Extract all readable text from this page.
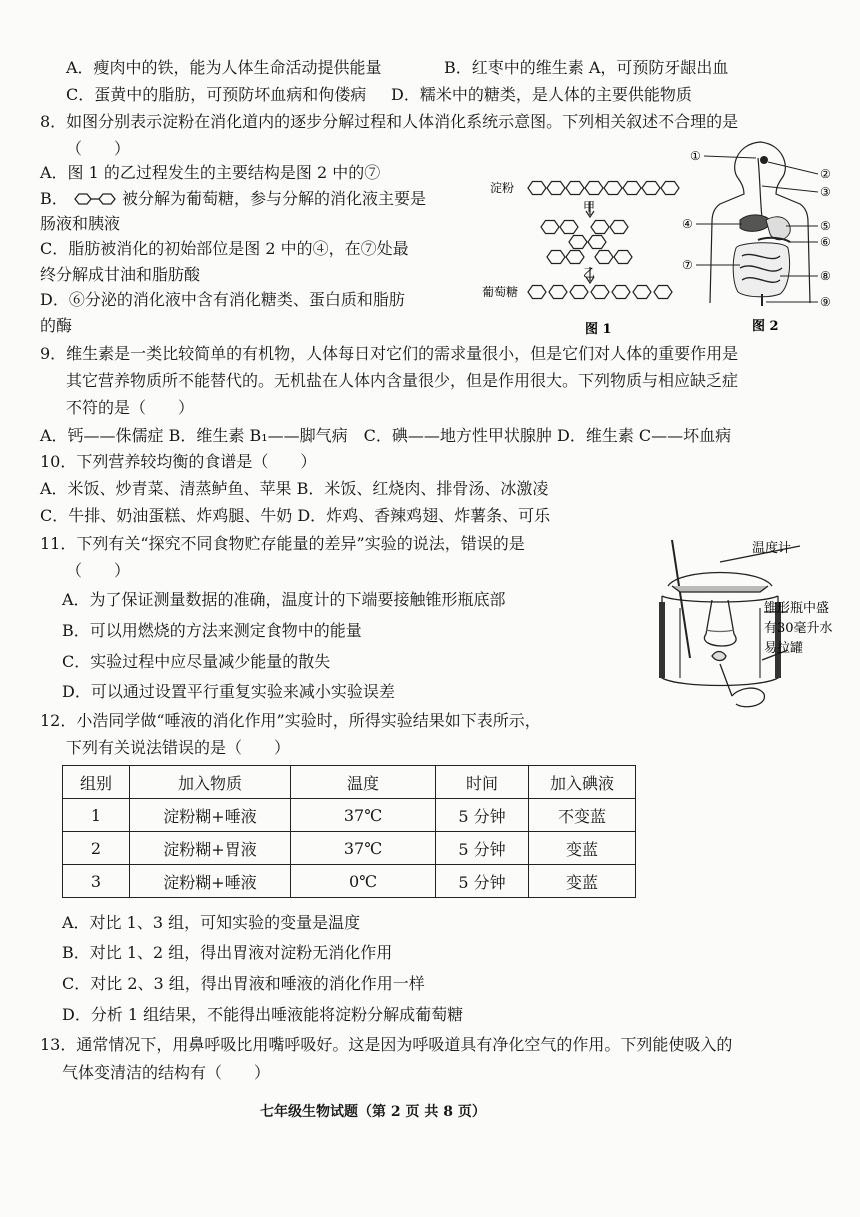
A．瘦肉中的铁，能为人体生命活动提供能量	B．红枣中的维生素 A，可预防牙龈出血
C．蛋黄中的脂肪，可预防坏血病和佝偻病 D．糯米中的糖类，是人体的主要供能物质
8．如图分别表示淀粉在消化道内的逐步分解过程和人体消化系统示意图。下列相关叙述不合理的是
（　　）
A．图 1 的乙过程发生的主要结构是图 2 中的⑦
B．	被分解为葡萄糖，参与分解的消化液主要是
肠液和胰液
C．脂肪被消化的初始部位是图 2 中的④，在⑦处最
终分解成甘油和脂肪酸
D．⑥分泌的消化液中含有消化糖类、蛋白质和脂肪
的酶
淀粉
甲
乙
葡萄糖
图 1
①
②
③
④	⑤
⑥
⑦
⑧
⑨
图 2
9．维生素是一类比较简单的有机物，人体每日对它们的需求量很小，但是它们对人体的重要作用是
其它营养物质所不能替代的。无机盐在人体内含量很少，但是作用很大。下列物质与相应缺乏症
不符的是（　　）
A．钙——侏儒症 B．维生素 B₁——脚气病　C．碘——地方性甲状腺肿 D．维生素 C——坏血病
10．下列营养较均衡的食谱是（　　）
A．米饭、炒青菜、清蒸鲈鱼、苹果 B．米饭、红烧肉、排骨汤、冰激凌
C．牛排、奶油蛋糕、炸鸡腿、牛奶 D．炸鸡、香辣鸡翅、炸薯条、可乐
11．下列有关“探究不同食物贮存能量的差异”实验的说法，错误的是
（　　）
A．为了保证测量数据的准确，温度计的下端要接触锥形瓶底部
B．可以用燃烧的方法来测定食物中的能量
C．实验过程中应尽量减少能量的散失
D．可以通过设置平行重复实验来减小实验误差
温度计
锥形瓶中盛
有30毫升水
易拉罐
12．小浩同学做“唾液的消化作用”实验时，所得实验结果如下表所示，
下列有关说法错误的是（　　）
组别	加入物质	温度	时间	加入碘液
1	淀粉糊+唾液	37℃	5 分钟	不变蓝
2	淀粉糊+胃液	37℃	5 分钟	变蓝
3	淀粉糊+唾液	0℃	5 分钟	变蓝
A．对比 1、3 组，可知实验的变量是温度
B．对比 1、2 组，得出胃液对淀粉无消化作用
C．对比 2、3 组，得出胃液和唾液的消化作用一样
D．分析 1 组结果，不能得出唾液能将淀粉分解成葡萄糖
13．通常情况下，用鼻呼吸比用嘴呼吸好。这是因为呼吸道具有净化空气的作用。下列能使吸入的
气体变清洁的结构有（　　）
七年级生物试题（第 2 页 共 8 页）
